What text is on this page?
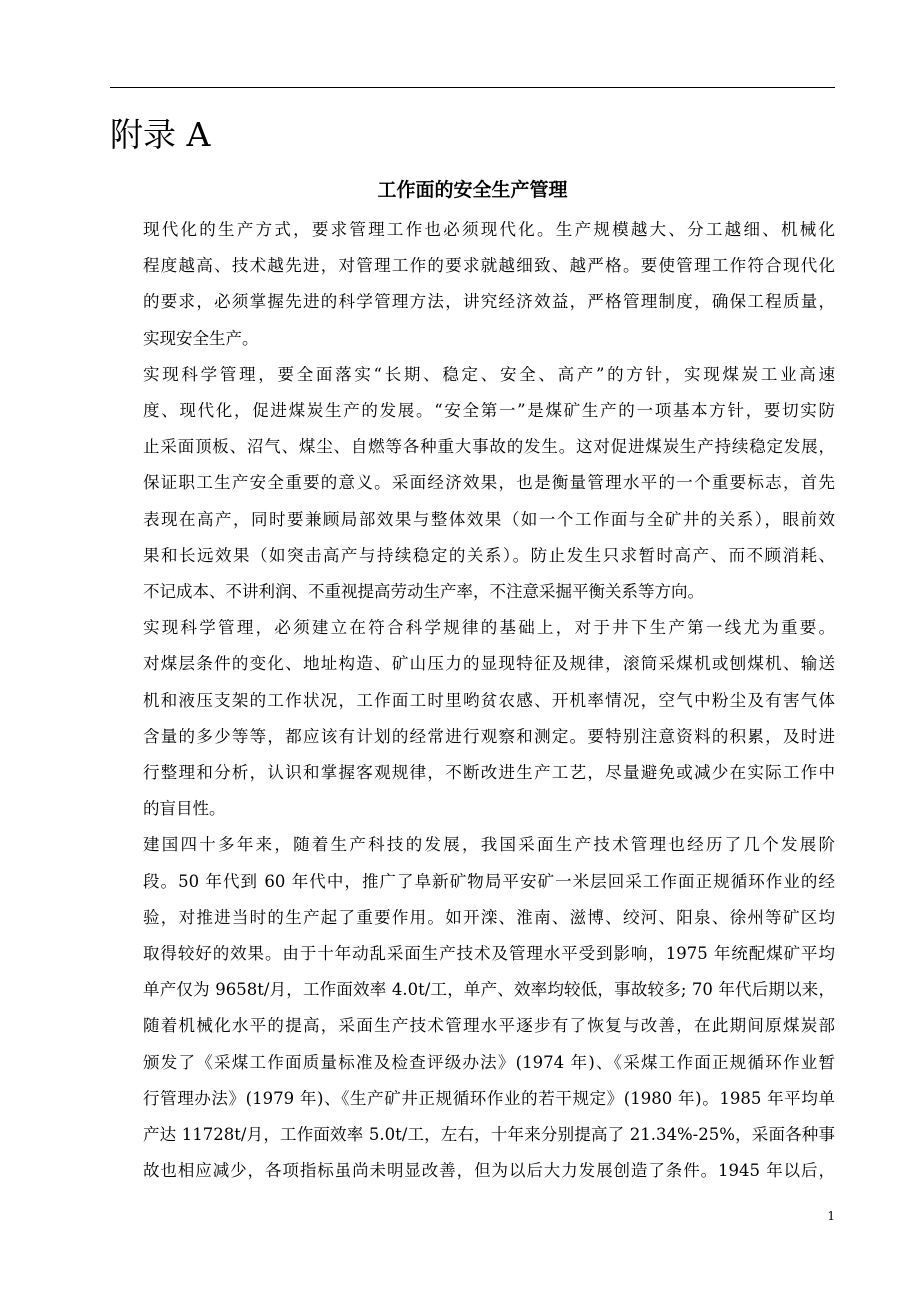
附录 A
工作面的安全生产管理

现代化的生产方式，要求管理工作也必须现代化。生产规模越大、分工越细、机械化
程度越高、技术越先进，对管理工作的要求就越细致、越严格。要使管理工作符合现代化
的要求，必须掌握先进的科学管理方法，讲究经济效益，严格管理制度，确保工程质量，
实现安全生产。

实现科学管理，要全面落实“长期、稳定、安全、高产”的方针，实现煤炭工业高速
度、现代化，促进煤炭生产的发展。“安全第一”是煤矿生产的一项基本方针，要切实防
止采面顶板、沼气、煤尘、自燃等各种重大事故的发生。这对促进煤炭生产持续稳定发展，
保证职工生产安全重要的意义。采面经济效果，也是衡量管理水平的一个重要标志，首先
表现在高产，同时要兼顾局部效果与整体效果（如一个工作面与全矿井的关系），眼前效
果和长远效果（如突击高产与持续稳定的关系）。防止发生只求暂时高产、而不顾消耗、
不记成本、不讲利润、不重视提高劳动生产率，不注意采掘平衡关系等方向。

实现科学管理，必须建立在符合科学规律的基础上，对于井下生产第一线尤为重要。
对煤层条件的变化、地址构造、矿山压力的显现特征及规律，滚筒采煤机或刨煤机、输送
机和液压支架的工作状况，工作面工时里哟贫农感、开机率情况，空气中粉尘及有害气体
含量的多少等等，都应该有计划的经常进行观察和测定。要特别注意资料的积累，及时进
行整理和分析，认识和掌握客观规律，不断改进生产工艺，尽量避免或减少在实际工作中
的盲目性。

建国四十多年来，随着生产科技的发展，我国采面生产技术管理也经历了几个发展阶
段。50 年代到 60 年代中，推广了阜新矿物局平安矿一米层回采工作面正规循环作业的经
验，对推进当时的生产起了重要作用。如开滦、淮南、滋博、绞河、阳泉、徐州等矿区均
取得较好的效果。由于十年动乱采面生产技术及管理水平受到影响，1975 年统配煤矿平均
单产仅为 9658t/月，工作面效率 4.0t/工，单产、效率均较低，事故较多; 70 年代后期以来，
随着机械化水平的提高，采面生产技术管理水平逐步有了恢复与改善，在此期间原煤炭部
颁发了《采煤工作面质量标准及检查评级办法》(1974 年)、《采煤工作面正规循环作业暂
行管理办法》(1979 年)、《生产矿井正规循环作业的若干规定》(1980 年)。1985 年平均单
产达 11728t/月，工作面效率 5.0t/工，左右，十年来分别提高了 21.34%-25%，采面各种事
故也相应减少，各项指标虽尚未明显改善，但为以后大力发展创造了条件。1945 年以后，

1
